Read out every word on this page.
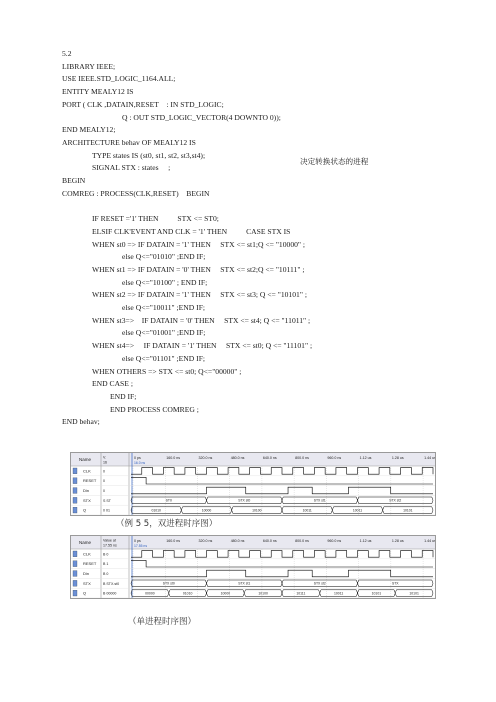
5.2
LIBRARY IEEE;
USE IEEE.STD_LOGIC_1164.ALL;
ENTITY MEALY12 IS
PORT ( CLK ,DATAIN,RESET    : IN STD_LOGIC;
Q : OUT STD_LOGIC_VECTOR(4 DOWNTO 0));
END MEALY12;
ARCHITECTURE behav OF MEALY12 IS
TYPE states IS (st0, st1, st2, st3,st4);
SIGNAL STX : states     ;
BEGIN
COMREG : PROCESS(CLK,RESET)    BEGIN
IF RESET ='1' THEN          STX <= ST0;
ELSIF CLK'EVENT AND CLK = '1' THEN          CASE STX IS
WHEN st0 => IF DATAIN = '1' THEN     STX <= st1;Q <= "10000" ;
else Q<="01010" ;END IF;
WHEN st1 => IF DATAIN = '0' THEN     STX <= st2;Q <= "10111" ;
else Q<="10100" ; END IF;
WHEN st2 => IF DATAIN = '1' THEN     STX <= st3; Q <= "10101" ;
else Q<="10011" ;END IF;
WHEN st3=>    IF DATAIN = '0' THEN     STX <= st4; Q <= "11011" ;
else Q<="01001" ;END IF;
WHEN st4=>     IF DATAIN = '1' THEN     STX <= st0; Q <= "11101" ;
else Q<="01101" ;END IF;
WHEN OTHERS => STX <= st0; Q<="00000" ;
END CASE ;
END IF;
END PROCESS COMREG ;
END behav;
决定转换状态的进程
Name	V.
16
0 ps	160.0 ns	320.0 ns	480.0 ns	640.0 ns	800.0 ns	960.0 ns	1.12 us	1.28 us	1.44 us
16.0 ns
CLK	0
RESET 0
Din	0
STX	S ST	ST0	STX st0	STX st1	STX st2
Q	0 01	01010	10000	10100	10011	10011	10101
（例 5 5，双进程时序图）
Name	Value at
17.55 ns
0 ps	160.0 ns	320.0 ns	480.0 ns	640.0 ns	800.0 ns	960.0 ns	1.12 us	1.28 us	1.44 us
17.55 ns
CLK	B 0
RESET B 1
Din	B 0
STX	B STX.st0	STX st0	STX st1	STX st2	STX
Q	B 00000	00000	01010	10000	10100	10111	10011	10101	10101
（单进程时序图）
